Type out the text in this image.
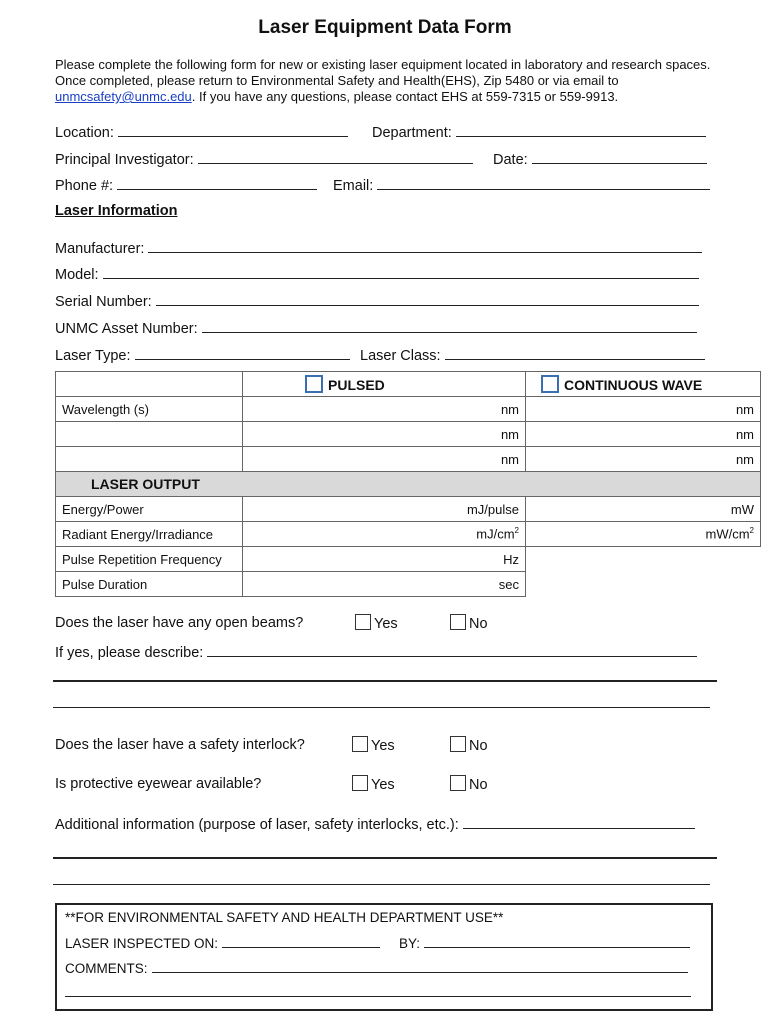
Laser Equipment Data Form
Please complete the following form for new or existing laser equipment located in laboratory and research spaces. Once completed, please return to Environmental Safety and Health(EHS), Zip 5480 or via email to unmcsafety@unmc.edu. If you have any questions, please contact EHS at 559-7315 or 559-9913.
Location:	Department:
Principal Investigator:	Date:
Phone #:	Email:
Laser Information
Manufacturer:
Model:
Serial Number:
UNMC Asset Number:
Laser Type:	Laser Class:
	PULSED	CONTINUOUS WAVE
Wavelength (s)	nm	nm
	nm	nm
	nm	nm
LASER OUTPUT		
Energy/Power	mJ/pulse	mW
Radiant Energy/Irradiance	$mJ/cm^2$	$mW/cm^2$
Pulse Repetition Frequency	Hz	
Pulse Duration	sec	
Does the laser have any open beams?	Yes	No
If yes, please describe:
Does the laser have a safety interlock?	Yes	No
Is protective eyewear available?	Yes	No
Additional information (purpose of laser, safety interlocks, etc.):
**FOR ENVIRONMENTAL SAFETY AND HEALTH DEPARTMENT USE**
LASER INSPECTED ON:	BY:
COMMENTS:
